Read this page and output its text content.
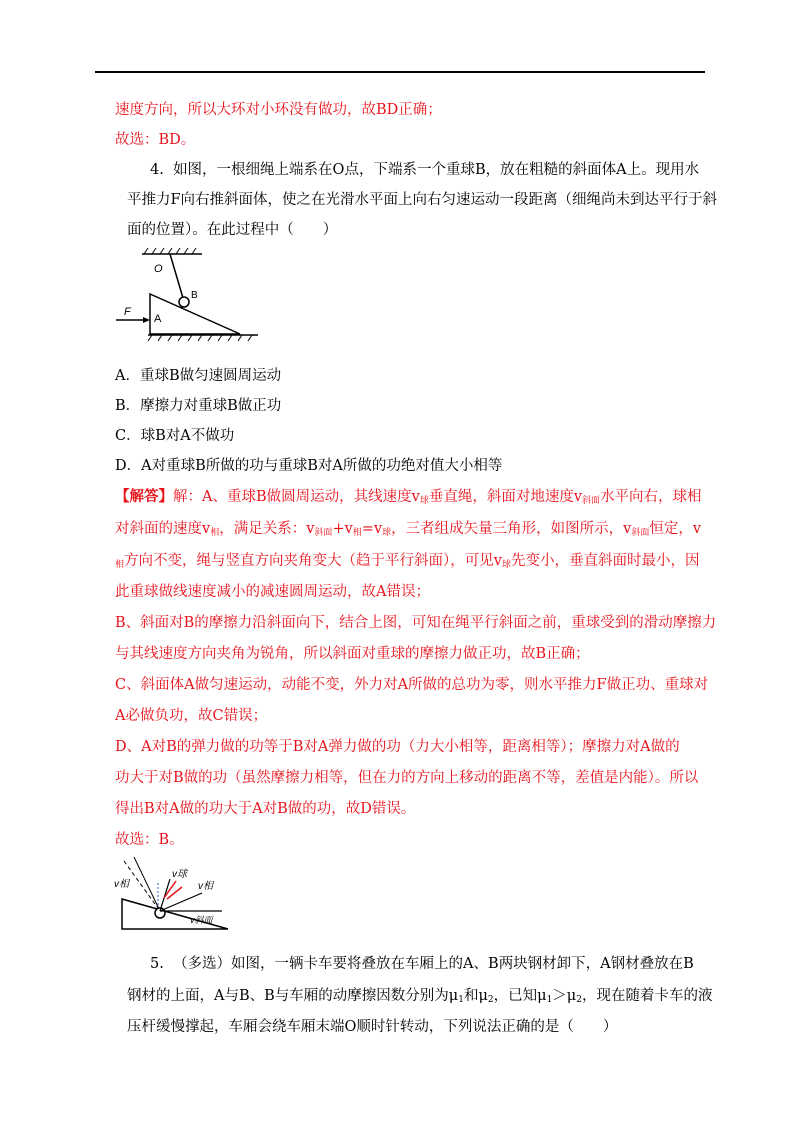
速度方向，所以大环对小环没有做功，故BD正确；
故选：BD。
4. 如图，一根细绳上端系在O点，下端系一个重球B，放在粗糙的斜面体A上。现用水
平推力F向右推斜面体，使之在光滑水平面上向右匀速运动一段距离（细绳尚未到达平行于斜
面的位置）。在此过程中（　　）
O
B
A
F
A．重球B做匀速圆周运动
B．摩擦力对重球B做正功
C．球B对A不做功
D．A对重球B所做的功与重球B对A所做的功绝对值大小相等
【解答】解：A、重球B做圆周运动，其线速度$v_球$垂直绳，斜面对地速度$v_{斜面}$水平向右，球相
对斜面的速度$v_相$，满足关系：$v_{斜面}+v_相=v_球$，三者组成矢量三角形，如图所示，$v_{斜面}$恒定，v
$_相$方向不变，绳与竖直方向夹角变大（趋于平行斜面），可见$v_球$先变小，垂直斜面时最小，因
此重球做线速度减小的减速圆周运动，故A错误；
B、斜面对B的摩擦力沿斜面向下，结合上图，可知在绳平行斜面之前，重球受到的滑动摩擦力
与其线速度方向夹角为锐角，所以斜面对重球的摩擦力做正功，故B正确；
C、斜面体A做匀速运动，动能不变，外力对A所做的总功为零，则水平推力F做正功、重球对
A必做负功，故C错误；
D、A对B的弹力做的功等于B对A弹力做的功（力大小相等，距离相等）；摩擦力对A做的
功大于对B做的功（虽然摩擦力相等，但在力的方向上移动的距离不等，差值是内能）。所以
得出B对A做的功大于A对B做的功，故D错误。
故选：B。
v球
v相
v斜面
v相
5. （多选）如图，一辆卡车要将叠放在车厢上的A、B两块钢材卸下，A钢材叠放在B
钢材的上面，A与B、B与车厢的动摩擦因数分别为$\mu_1$和$\mu_2$，已知$\mu_1>\mu_2$，现在随着卡车的液
压杆缓慢撑起，车厢会绕车厢末端O顺时针转动，下列说法正确的是（　　）
